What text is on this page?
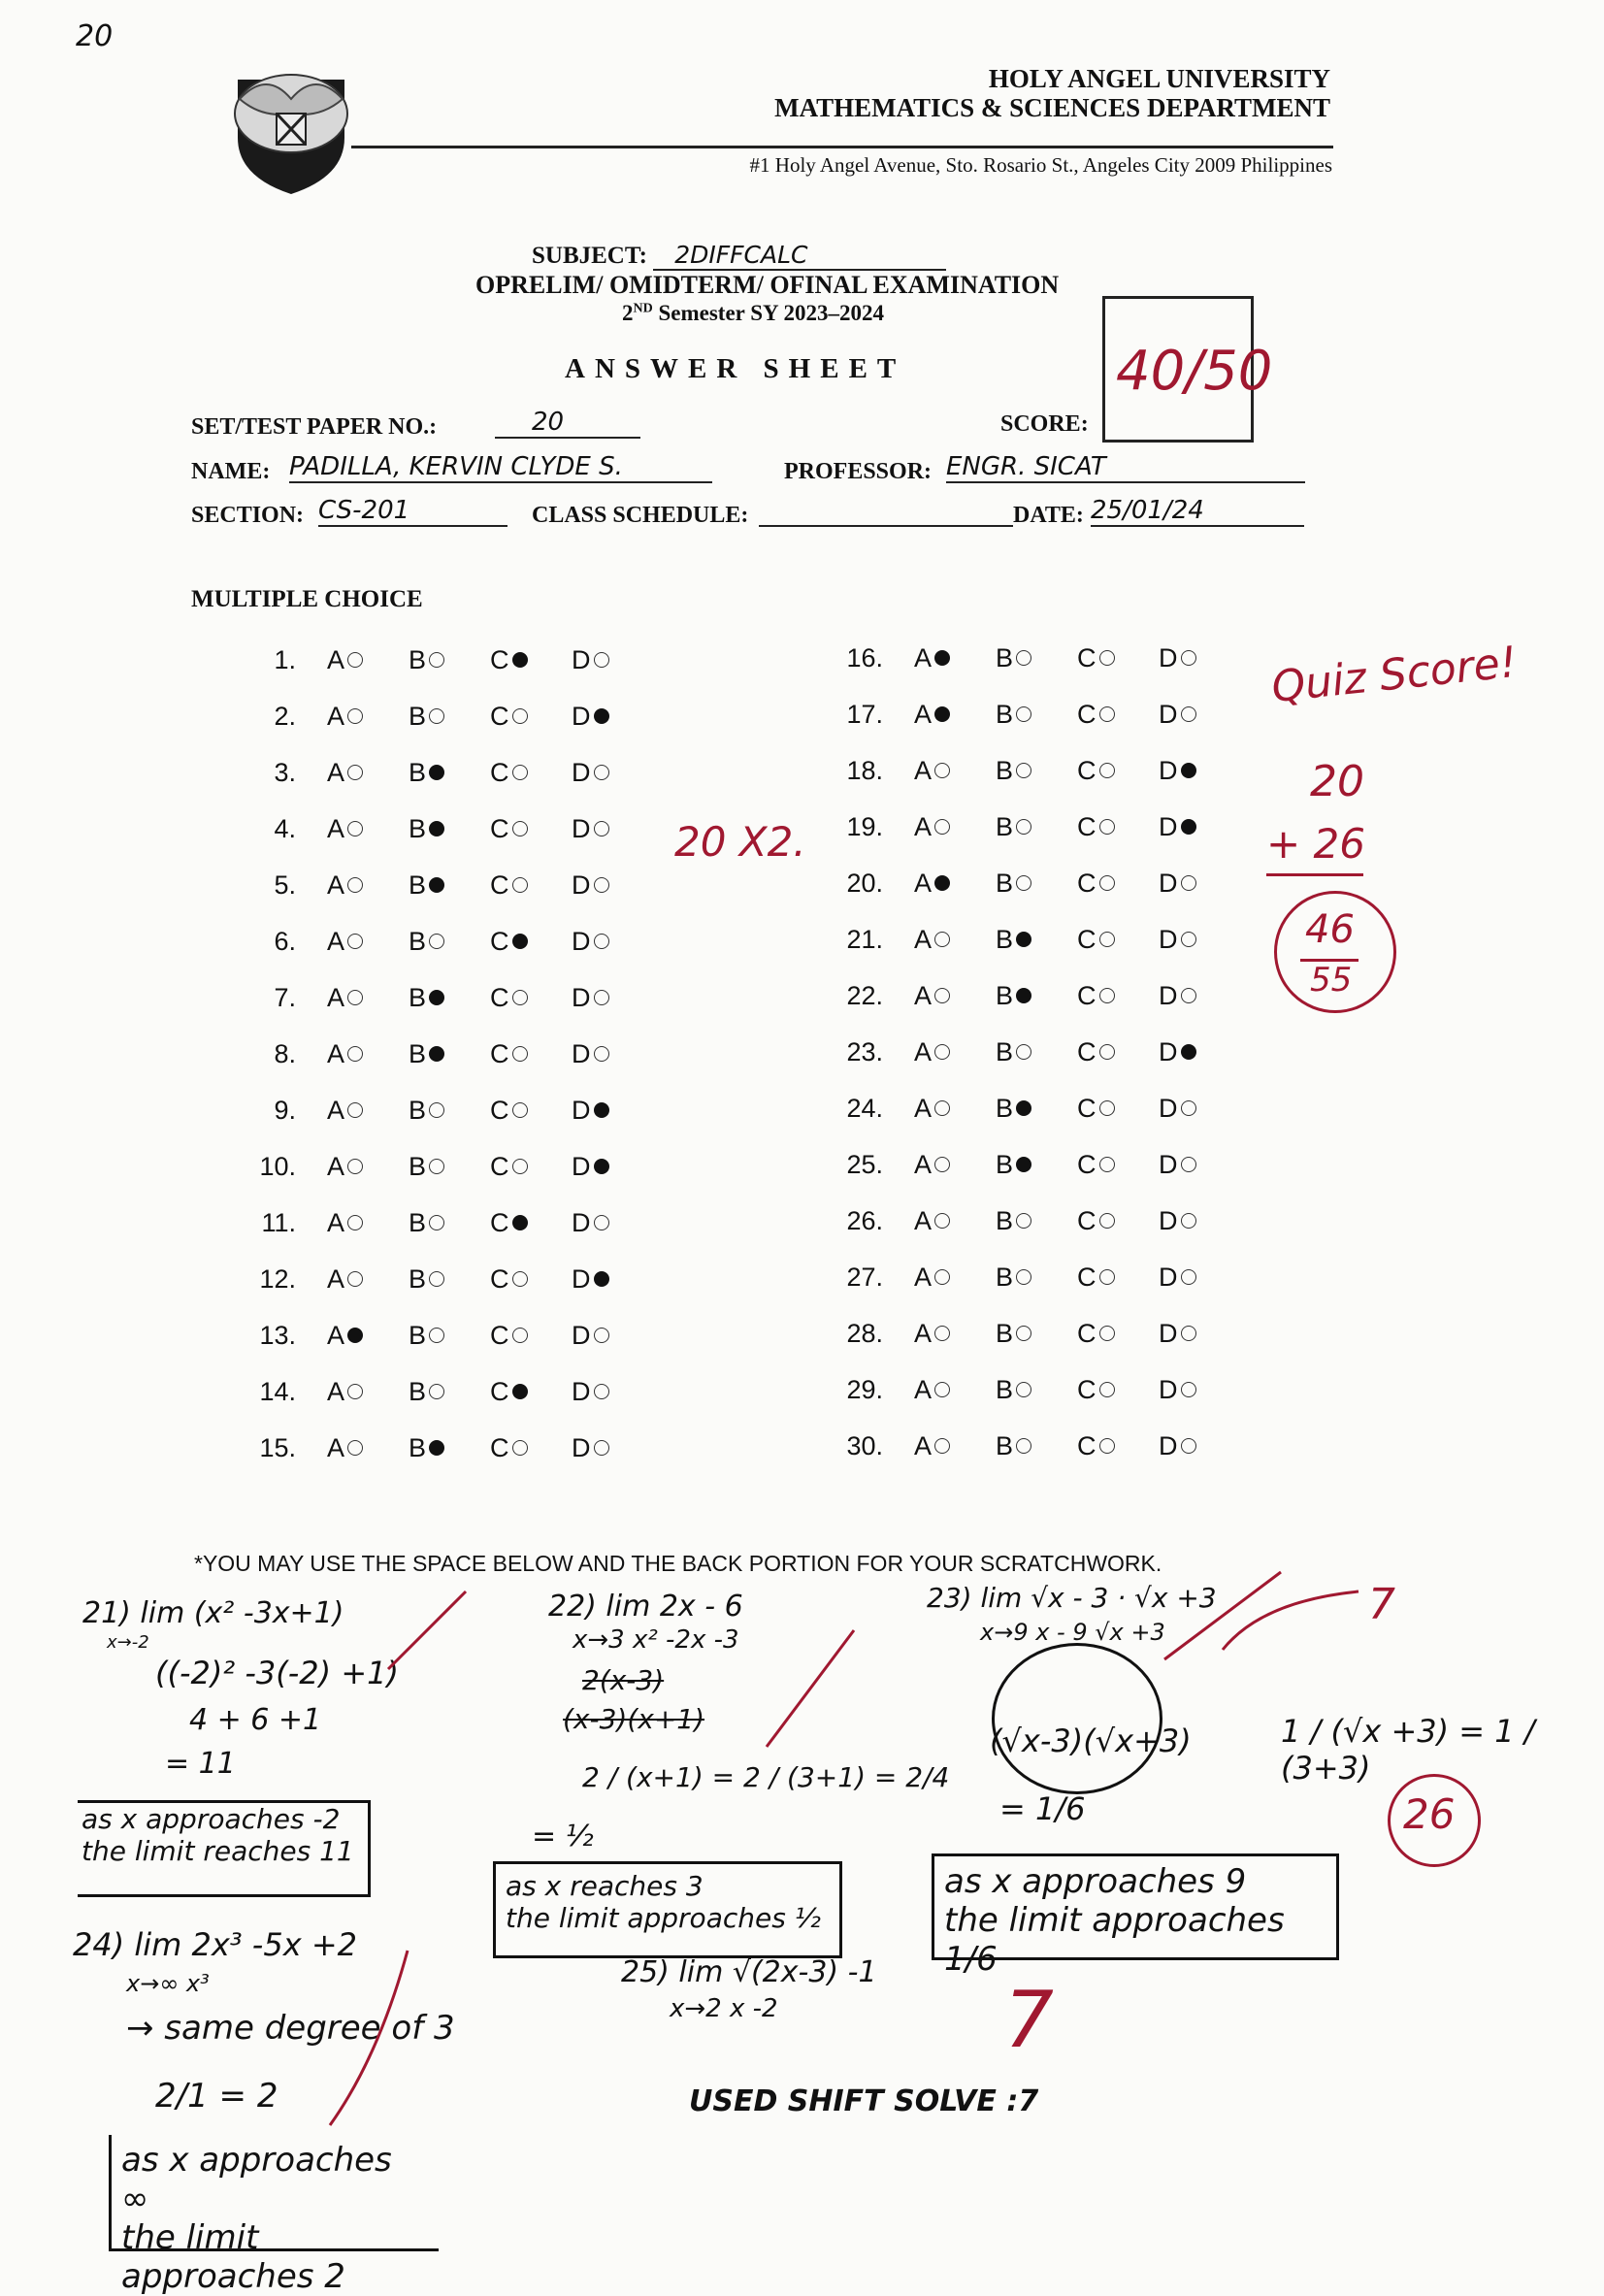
20
HOLY ANGEL UNIVERSITY
MATHEMATICS & SCIENCES DEPARTMENT
#1 Holy Angel Avenue, Sto. Rosario St., Angeles City 2009 Philippines
SUBJECT: 2DIFFCALC
OPRELIM/ OMIDTERM/ OFINAL EXAMINATION
2ND Semester SY 2023–2024
ANSWER SHEET	40/50
SCORE:
SET/TEST PAPER NO.:	20
NAME: PADILLA, KERVIN CLYDE S.	PROFESSOR: ENGR. SICAT
SECTION: CS-201	CLASS SCHEDULE:	DATE: 25/01/24
MULTIPLE CHOICE
1.	A B C D
2.	A B C D
3.	A B C D
4.	A B C D
5.	A B C D
6.	A B C D
7.	A B C D
8.	A B C D
9.	A B C D
10.	A B C D
11.	A B C D
12.	A B C D
13.	A B C D
14.	A B C D
15.	A B C D
16.	A B C D
17.	A B C D
18.	A B C D
19.	A B C D
20.	A B C D
21.	A B C D
22.	A B C D
23.	A B C D
24.	A B C D
25.	A B C D
26.	A B C D
27.	A B C D
28.	A B C D
29.	A B C D
30.	A B C D
20 X2.
Quiz Score!
20
+ 26
46
55
26
7
7
*YOU MAY USE THE SPACE BELOW AND THE BACK PORTION FOR YOUR SCRATCHWORK.
21) lim (x² -3x+1)
x→-2
((-2)² -3(-2) +1)
4 + 6 +1
= 11
as x approaches -2
the limit reaches 11
22) lim 2x - 6
x→3 x² -2x -3
2(x-3)
(x-3)(x+1)
2 / (x+1) = 2 / (3+1) = 2/4
= ½
as x reaches 3
the limit approaches ½
23) lim √x - 3 · √x +3
x→9 x - 9 √x +3
(√x-3)(√x+3)	1 / (√x +3) = 1 / (3+3)
= 1/6
as x approaches 9
the limit approaches 1/6
24) lim 2x³ -5x +2
x→∞ x³
→ same degree of 3
2/1 = 2
as x approaches ∞
the limit approaches 2
25) lim √(2x-3) -1
x→2 x -2
USED SHIFT SOLVE :7
